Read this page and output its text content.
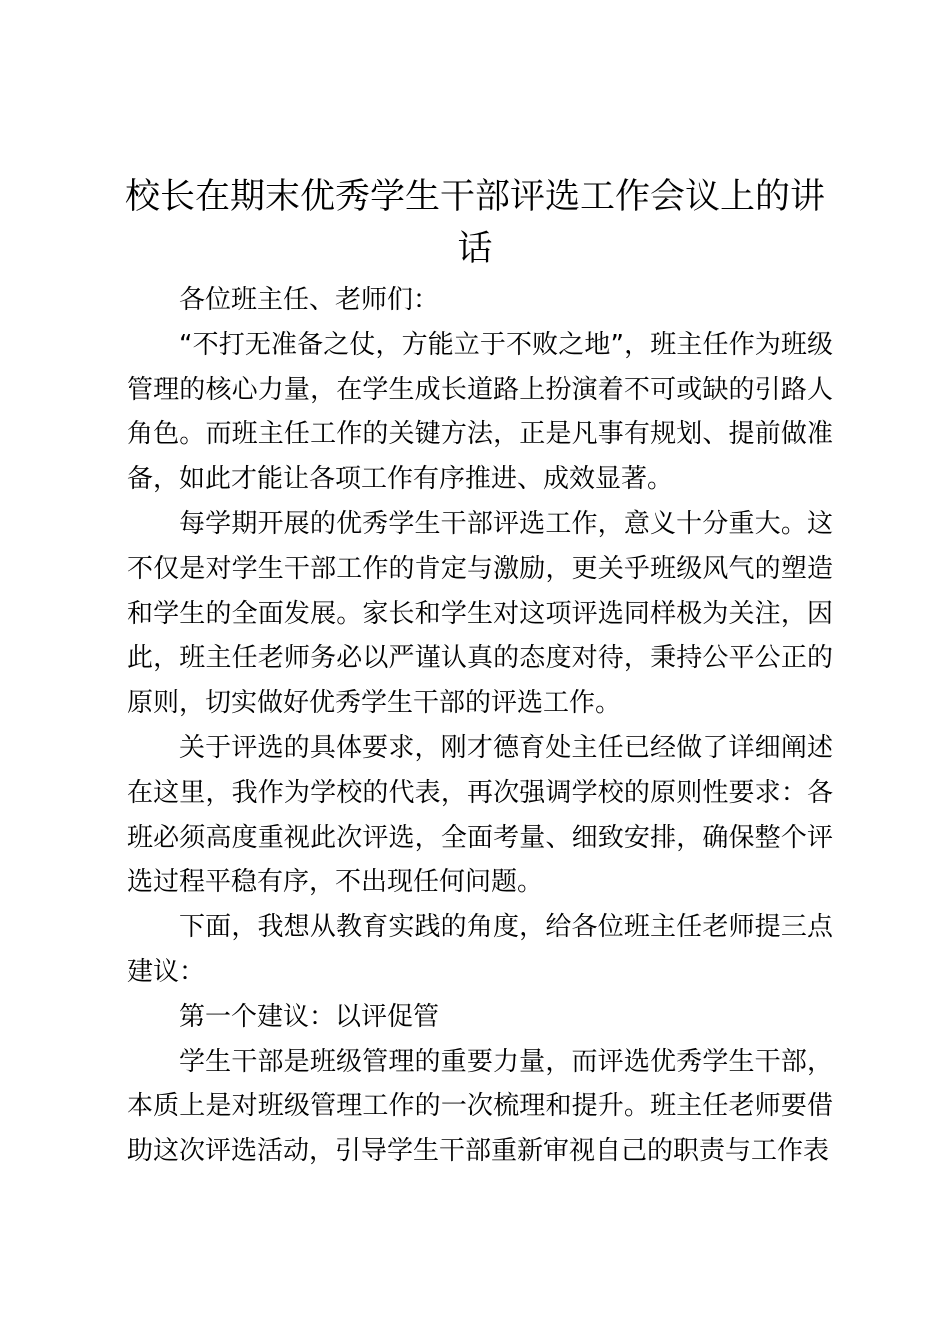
校长在期末优秀学生干部评选工作会议上的讲话

各位班主任、老师们：

“不打无准备之仗，方能立于不败之地”，班主任作为班级管理的核心力量，在学生成长道路上扮演着不可或缺的引路人角色。而班主任工作的关键方法，正是凡事有规划、提前做准备，如此才能让各项工作有序推进、成效显著。

每学期开展的优秀学生干部评选工作，意义十分重大。这不仅是对学生干部工作的肯定与激励，更关乎班级风气的塑造和学生的全面发展。家长和学生对这项评选同样极为关注，因此，班主任老师务必以严谨认真的态度对待，秉持公平公正的原则，切实做好优秀学生干部的评选工作。

关于评选的具体要求，刚才德育处主任已经做了详细阐述在这里，我作为学校的代表，再次强调学校的原则性要求：各班必须高度重视此次评选，全面考量、细致安排，确保整个评选过程平稳有序，不出现任何问题。

下面，我想从教育实践的角度，给各位班主任老师提三点建议：

第一个建议：以评促管

学生干部是班级管理的重要力量，而评选优秀学生干部，本质上是对班级管理工作的一次梳理和提升。班主任老师要借助这次评选活动，引导学生干部重新审视自己的职责与工作表
